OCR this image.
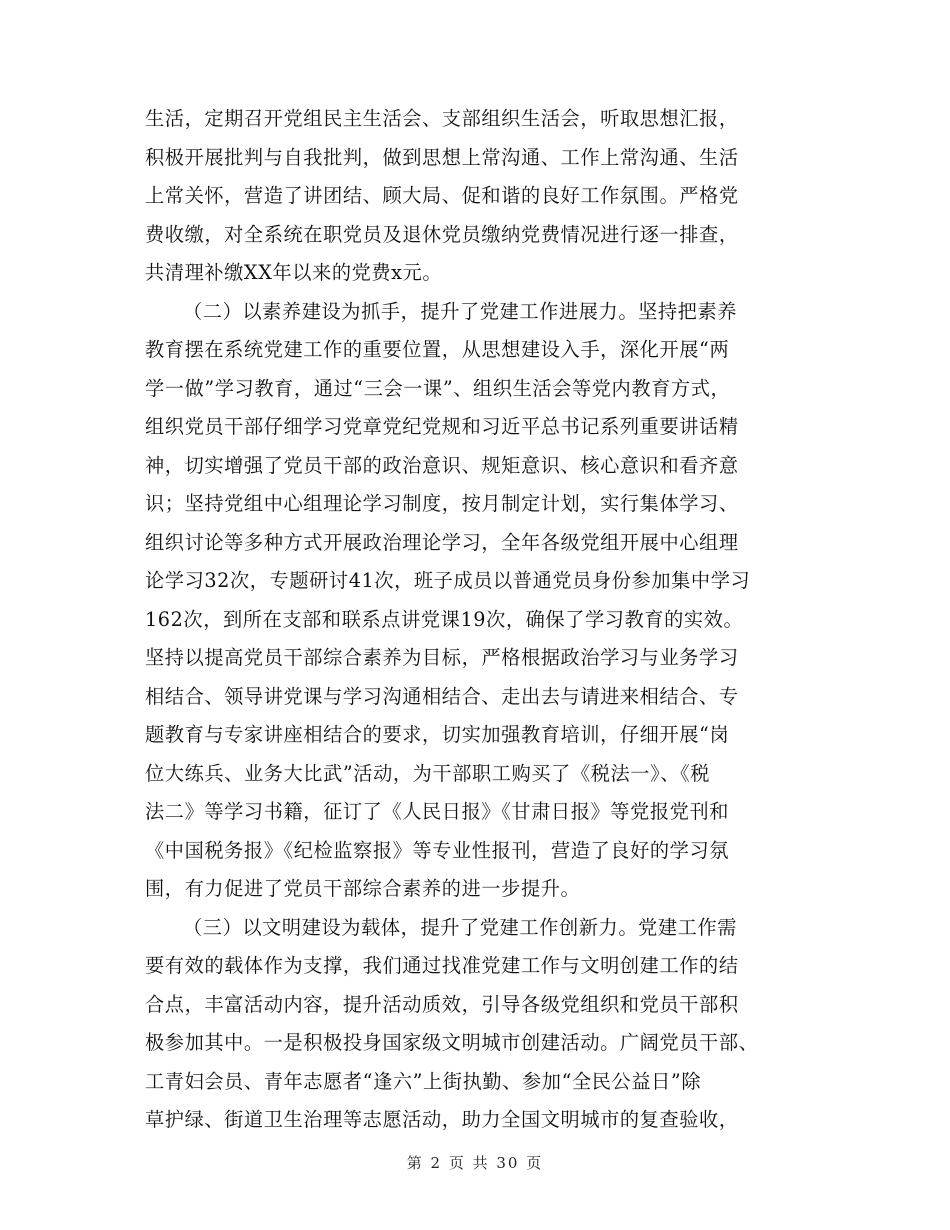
生活，定期召开党组民主生活会、支部组织生活会，听取思想汇报，
积极开展批判与自我批判，做到思想上常沟通、工作上常沟通、生活
上常关怀，营造了讲团结、顾大局、促和谐的良好工作氛围。严格党
费收缴，对全系统在职党员及退休党员缴纳党费情况进行逐一排查，
共清理补缴XX年以来的党费x元。
（二）以素养建设为抓手，提升了党建工作进展力。坚持把素养
教育摆在系统党建工作的重要位置，从思想建设入手，深化开展“两
学一做”学习教育，通过“三会一课”、组织生活会等党内教育方式，
组织党员干部仔细学习党章党纪党规和习近平总书记系列重要讲话精
神，切实增强了党员干部的政治意识、规矩意识、核心意识和看齐意
识；坚持党组中心组理论学习制度，按月制定计划，实行集体学习、
组织讨论等多种方式开展政治理论学习，全年各级党组开展中心组理
论学习32次，专题研讨41次，班子成员以普通党员身份参加集中学习
162次，到所在支部和联系点讲党课19次，确保了学习教育的实效。
坚持以提高党员干部综合素养为目标，严格根据政治学习与业务学习
相结合、领导讲党课与学习沟通相结合、走出去与请进来相结合、专
题教育与专家讲座相结合的要求，切实加强教育培训，仔细开展“岗
位大练兵、业务大比武”活动，为干部职工购买了《税法一》、《税
法二》等学习书籍，征订了《人民日报》《甘肃日报》等党报党刊和
《中国税务报》《纪检监察报》等专业性报刊，营造了良好的学习氛
围，有力促进了党员干部综合素养的进一步提升。
（三）以文明建设为载体，提升了党建工作创新力。党建工作需
要有效的载体作为支撑，我们通过找准党建工作与文明创建工作的结
合点，丰富活动内容，提升活动质效，引导各级党组织和党员干部积
极参加其中。一是积极投身国家级文明城市创建活动。广阔党员干部、
工青妇会员、青年志愿者“逢六”上街执勤、参加“全民公益日”除
草护绿、街道卫生治理等志愿活动，助力全国文明城市的复查验收，
第 2 页 共 30 页
